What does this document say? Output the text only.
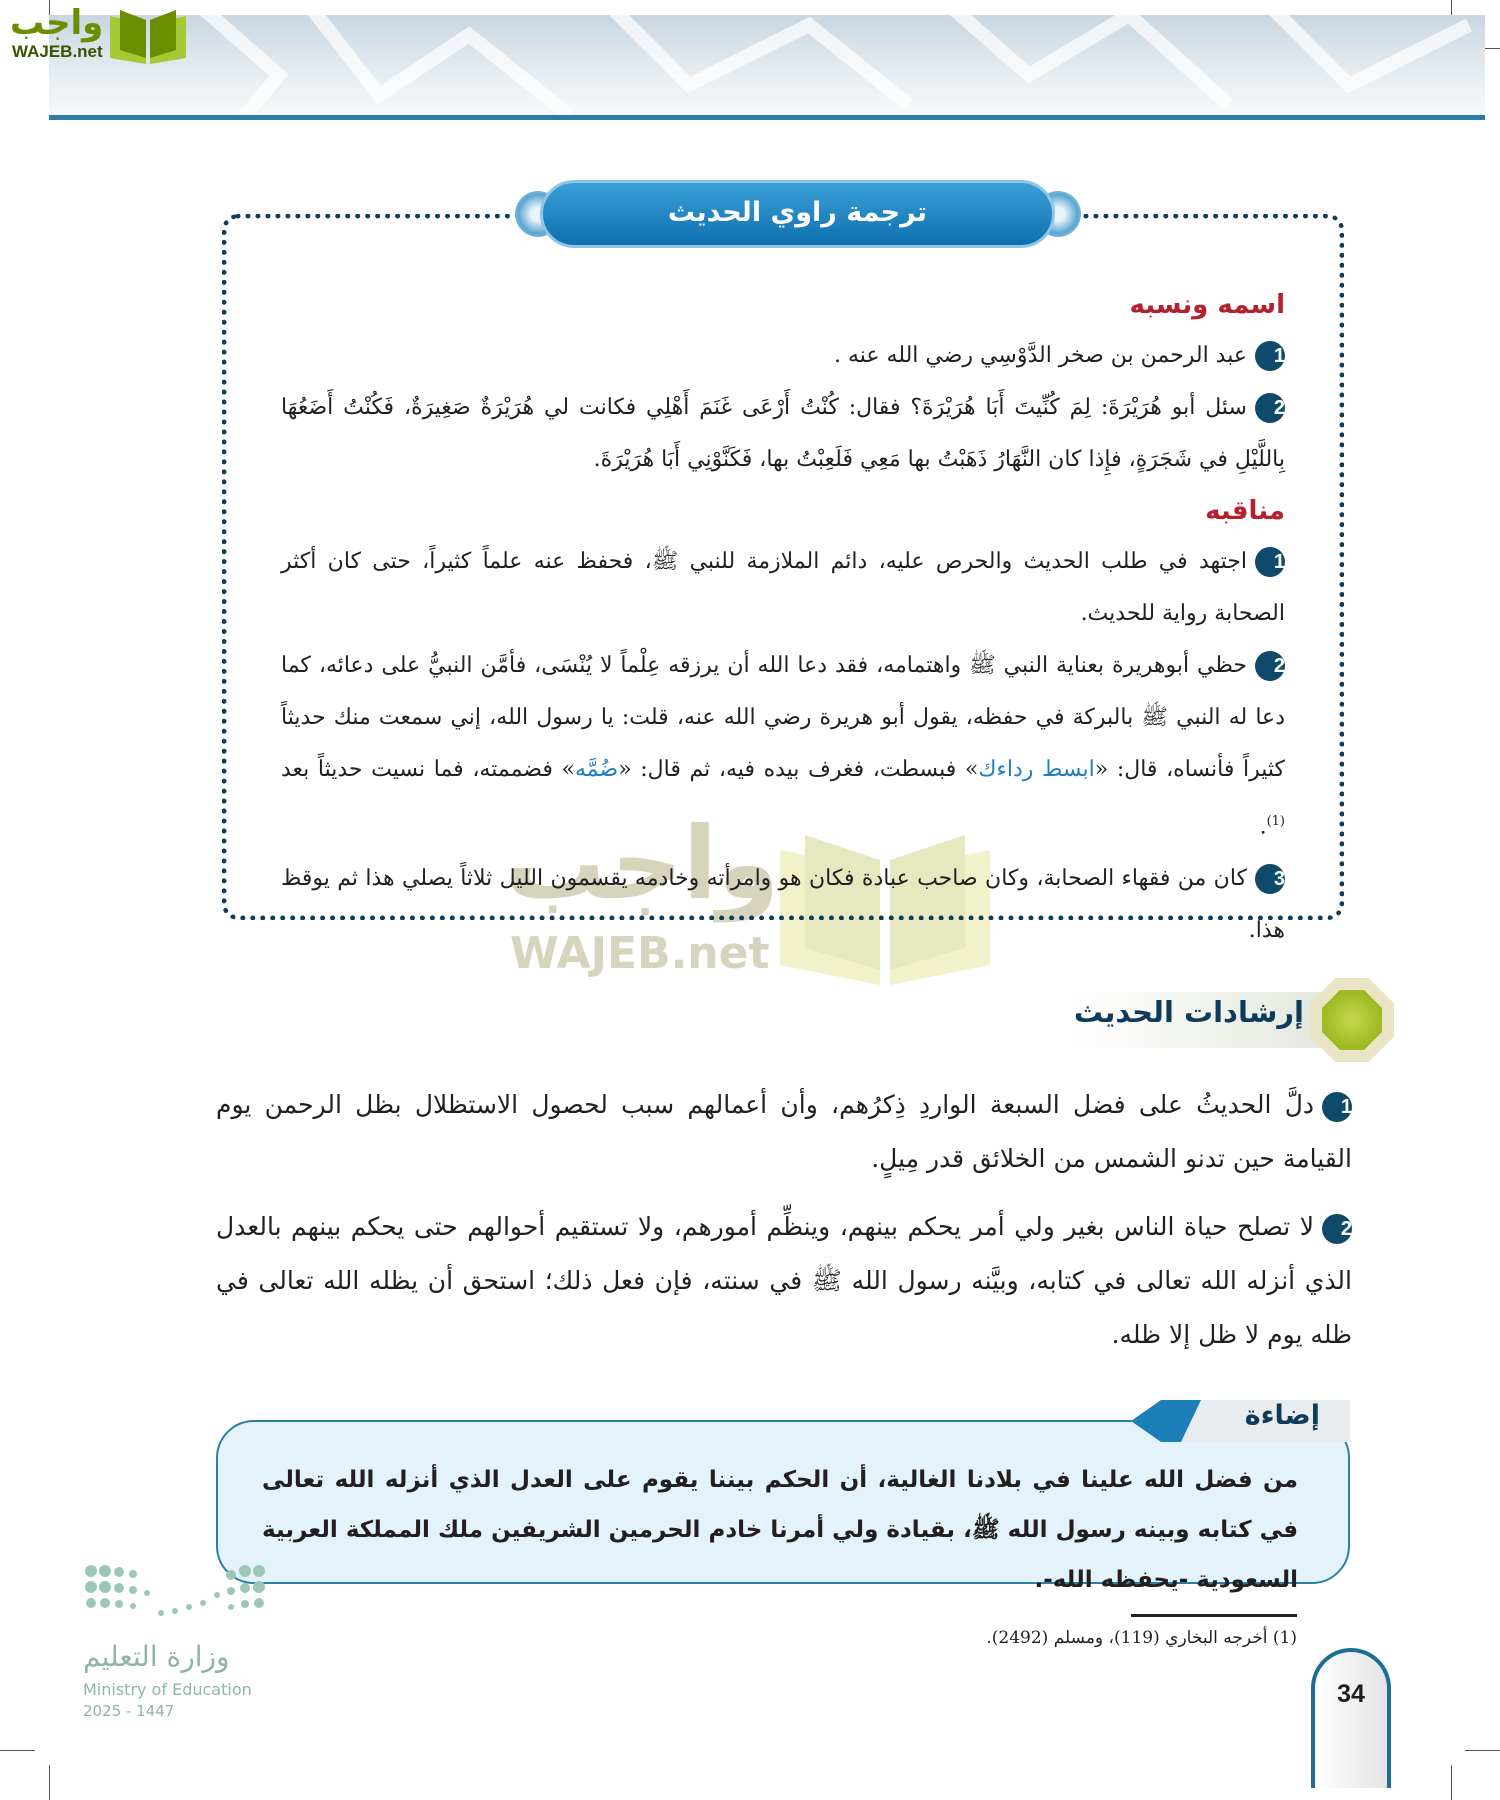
واجب
WAJEB.net
واجب
WAJEB.net
ترجمة راوي الحديث
اسمه ونسبه
1عبد الرحمن بن صخر الدَّوْسِي رضي الله عنه .
2سئل أبو هُرَيْرَةَ: لِمَ كُنِّيتَ أَبَا هُرَيْرَةَ؟ فقال: كُنْتُ أَرْعَى غَنَمَ أَهْلِي فكانت لي هُرَيْرَةٌ صَغِيرَةٌ، فَكُنْتُ أَضَعُهَا بِاللَّيْلِ في شَجَرَةٍ، فإِذا كان النَّهَارُ ذَهَبْتُ بها مَعِي فَلَعِبْتُ بها، فَكَنَّوْنِي أَبَا هُرَيْرَةَ.
مناقبه
1اجتهد في طلب الحديث والحرص عليه، دائم الملازمة للنبي ﷺ، فحفظ عنه علماً كثيراً، حتى كان أكثر الصحابة رواية للحديث.
2حظي أبوهريرة بعناية النبي ﷺ واهتمامه، فقد دعا الله أن يرزقه عِلْماً لا يُنْسَى، فأمَّن النبيُّ على دعائه، كما دعا له النبي ﷺ بالبركة في حفظه، يقول أبو هريرة رضي الله عنه، قلت: يا رسول الله، إني سمعت منك حديثاً كثيراً فأنساه، قال: «ابسط رداءك» فبسطت، فغرف بيده فيه، ثم قال: «ضُمَّه» فضممته، فما نسيت حديثاً بعد $^{(1)}$.
3كان من فقهاء الصحابة، وكان صاحب عبادة فكان هو وامرأته وخادمه يقسمون الليل ثلاثاً يصلي هذا ثم يوقظ هذا.
إرشادات الحديث
1دلَّ الحديثُ على فضل السبعة الواردِ ذِكرُهم، وأن أعمالهم سبب لحصول الاستظلال بظل الرحمن يوم القيامة حين تدنو الشمس من الخلائق قدر مِيلٍ.
2لا تصلح حياة الناس بغير ولي أمر يحكم بينهم، وينظِّم أمورهم، ولا تستقيم أحوالهم حتى يحكم بينهم بالعدل الذي أنزله الله تعالى في كتابه، وبيَّنه رسول الله ﷺ في سنته، فإن فعل ذلك؛ استحق أن يظله الله تعالى في ظله يوم لا ظل إلا ظله.
إضاءة
من فضل الله علينا في بلادنا الغالية، أن الحكم بيننا يقوم على العدل الذي أنزله الله تعالى في كتابه وبينه رسول الله ﷺ، بقيادة ولي أمرنا خادم الحرمين الشريفين ملك المملكة العربية السعودية -يحفظه الله-.
(1) أخرجه البخاري (119)، ومسلم (2492).
34
وزارة التعليم
Ministry of Education
2025 - 1447
